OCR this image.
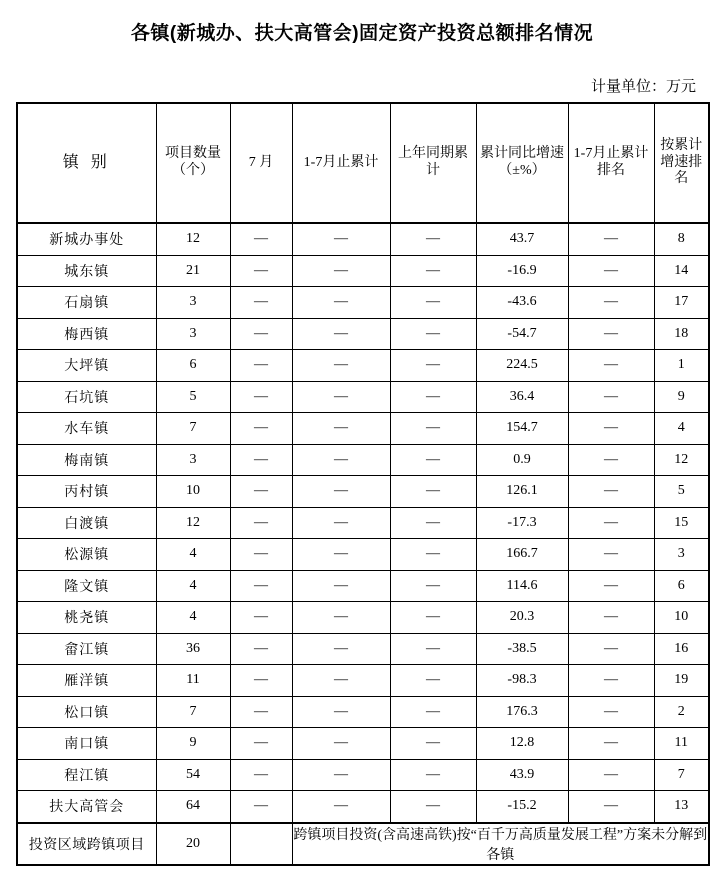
各镇(新城办、扶大高管会)固定资产投资总额排名情况
计量单位：万元
镇 别	项目数量（个）	7 月	1-7月止累计	上年同期累计	累计同比增速（±%）	1-7月止累计排名	按累计增速排名

新城办事处	12	—	—	—	43.7	—	8
城东镇	21	—	—	—	-16.9	—	14
石扇镇	3	—	—	—	-43.6	—	17
梅西镇	3	—	—	—	-54.7	—	18
大坪镇	6	—	—	—	224.5	—	1
石坑镇	5	—	—	—	36.4	—	9
水车镇	7	—	—	—	154.7	—	4
梅南镇	3	—	—	—	0.9	—	12
丙村镇	10	—	—	—	126.1	—	5
白渡镇	12	—	—	—	-17.3	—	15
松源镇	4	—	—	—	166.7	—	3
隆文镇	4	—	—	—	114.6	—	6
桃尧镇	4	—	—	—	20.3	—	10
畲江镇	36	—	—	—	-38.5	—	16
雁洋镇	11	—	—	—	-98.3	—	19
松口镇	7	—	—	—	176.3	—	2
南口镇	9	—	—	—	12.8	—	11
程江镇	54	—	—	—	43.9	—	7
扶大高管会	64	—	—	—	-15.2	—	13
投资区域跨镇项目	20		跨镇项目投资(含高速高铁)按“百千万高质量发展工程”方案未分解到各镇				
